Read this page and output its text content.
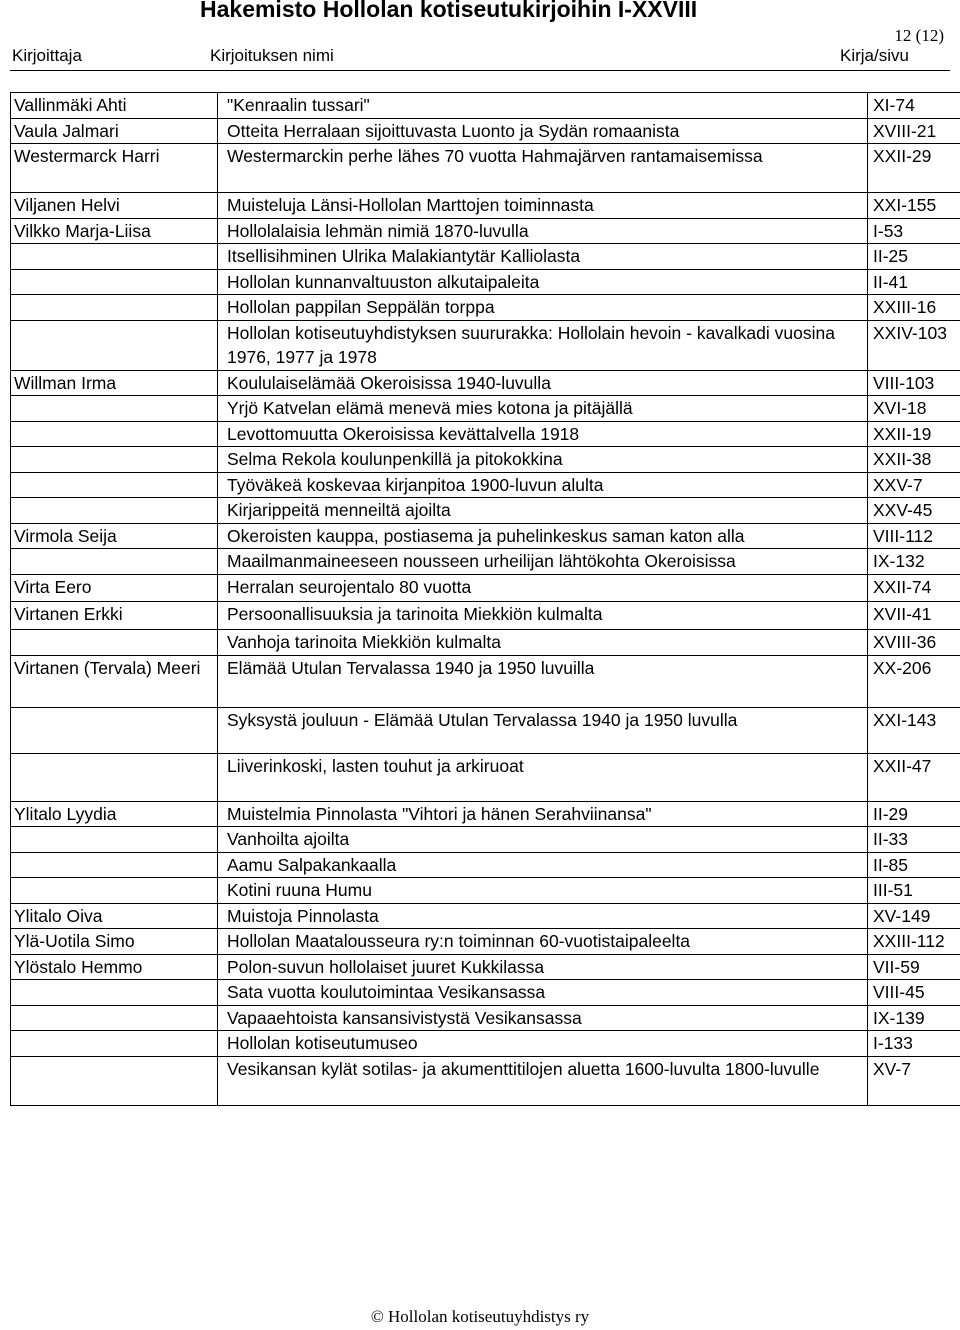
Hakemisto Hollolan kotiseutukirjoihin I-XXVIII
12 (12)
Kirjoittaja	Kirjoituksen nimi	Kirja/sivu
Vallinmäki Ahti	"Kenraalin tussari"	XI-74
Vaula Jalmari	Otteita Herralaan sijoittuvasta Luonto ja Sydän romaanista	XVIII-21
Westermarck Harri	Westermarckin perhe lähes 70 vuotta Hahmajärven rantamaisemissa	XXII-29
Viljanen Helvi	Muisteluja Länsi-Hollolan Marttojen toiminnasta	XXI-155
Vilkko Marja-Liisa	Hollolalaisia lehmän nimiä 1870-luvulla	I-53
	Itsellisihminen Ulrika Malakiantytär Kalliolasta	II-25
	Hollolan kunnanvaltuuston alkutaipaleita	II-41
	Hollolan pappilan Seppälän torppa	XXIII-16
	Hollolan kotiseutuyhdistyksen suururakka: Hollolain hevoin - kavalkadi vuosina 1976, 1977 ja 1978	XXIV-103
Willman Irma	Koululaiselämää Okeroisissa 1940-luvulla	VIII-103
	Yrjö Katvelan elämä menevä mies kotona ja pitäjällä	XVI-18
	Levottomuutta Okeroisissa kevättalvella 1918	XXII-19
	Selma Rekola koulunpenkillä ja pitokokkina	XXII-38
	Työväkeä koskevaa kirjanpitoa 1900-luvun alulta	XXV-7
	Kirjarippeitä menneiltä ajoilta	XXV-45
Virmola Seija	Okeroisten kauppa, postiasema ja puhelinkeskus saman katon alla	VIII-112
	Maailmanmaineeseen nousseen urheilijan lähtökohta Okeroisissa	IX-132
Virta Eero	Herralan seurojentalo 80 vuotta	XXII-74
Virtanen Erkki	Persoonallisuuksia ja tarinoita Miekkiön kulmalta	XVII-41
	Vanhoja tarinoita Miekkiön kulmalta	XVIII-36
Virtanen (Tervala) Meeri	Elämää Utulan Tervalassa 1940 ja 1950 luvuilla	XX-206
	Syksystä jouluun - Elämää Utulan Tervalassa 1940 ja 1950 luvulla	XXI-143
	Liiverinkoski, lasten touhut ja arkiruoat	XXII-47
Ylitalo Lyydia	Muistelmia Pinnolasta "Vihtori ja hänen Serahviinansa"	II-29
	Vanhoilta ajoilta	II-33
	Aamu Salpakankaalla	II-85
	Kotini ruuna Humu	III-51
Ylitalo Oiva	Muistoja Pinnolasta	XV-149
Ylä-Uotila Simo	Hollolan Maatalousseura ry:n toiminnan 60-vuotistaipaleelta	XXIII-112
Ylöstalo Hemmo	Polon-suvun hollolaiset juuret Kukkilassa	VII-59
	Sata vuotta koulutoimintaa Vesikansassa	VIII-45
	Vapaaehtoista kansansivistystä Vesikansassa	IX-139
	Hollolan kotiseutumuseo	I-133
	Vesikansan kylät sotilas- ja akumenttitilojen aluetta 1600-luvulta 1800-luvulle	XV-7
© Hollolan kotiseutuyhdistys ry
